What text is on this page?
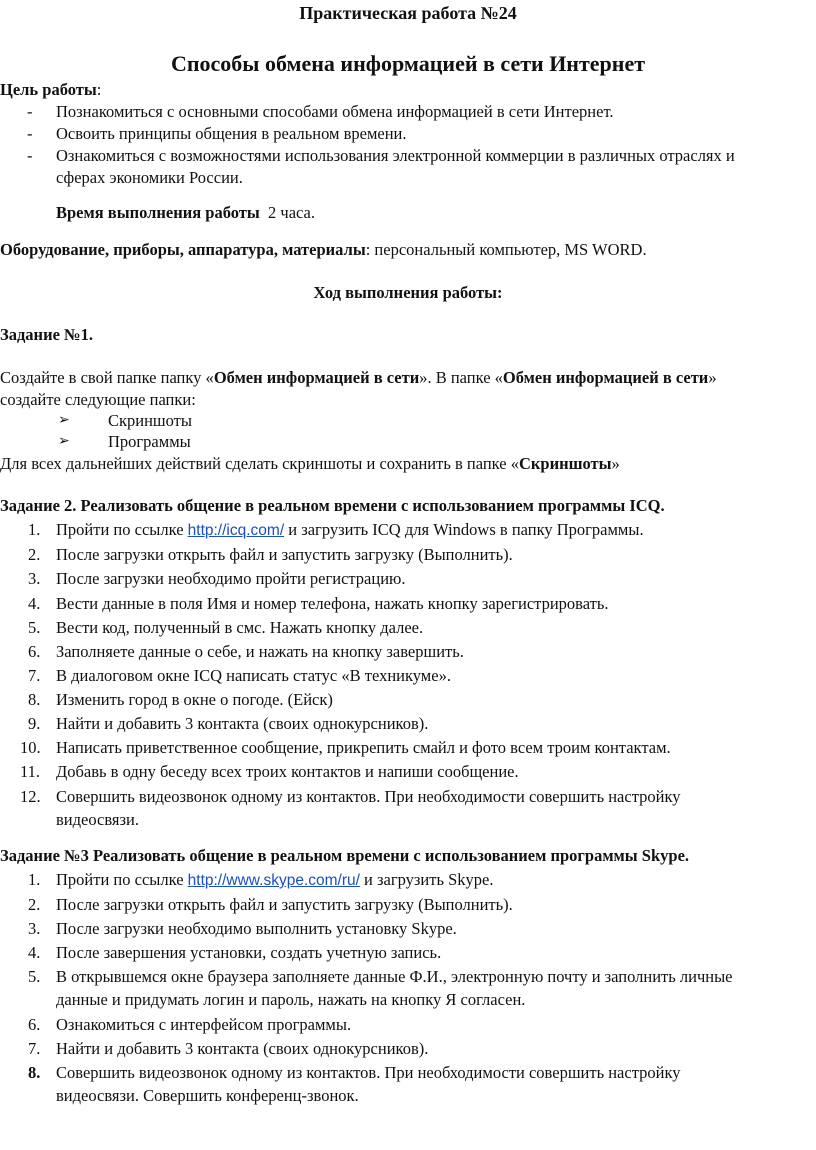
Практическая работа №24
Способы обмена информацией в сети Интернет
Цель работы:
- Познакомиться с основными способами обмена информацией в сети Интернет.
- Освоить принципы общения в реальном времени.
- Ознакомиться с возможностями использования электронной коммерции в различных отраслях и
сферах экономики России.
Время выполнения работы 2 часа.
Оборудование, приборы, аппаратура, материалы: персональный компьютер, MS WORD.
Ход выполнения работы:
Задание №1.
Создайте в свой папке папку «Обмен информацией в сети». В папке «Обмен информацией в сети»
создайте следующие папки:
➢ Скриншоты
➢ Программы
Для всех дальнейших действий сделать скриншоты и сохранить в папке «Скриншоты»
Задание 2. Реализовать общение в реальном времени с использованием программы ICQ.
1. Пройти по ссылке http://icq.com/ и загрузить ICQ для Windows в папку Программы.
2. После загрузки открыть файл и запустить загрузку (Выполнить).
3. После загрузки необходимо пройти регистрацию.
4. Вести данные в поля Имя и номер телефона, нажать кнопку зарегистрировать.
5. Вести код, полученный в смс. Нажать кнопку далее.
6. Заполняете данные о себе, и нажать на кнопку завершить.
7. В диалоговом окне ICQ написать статус «В техникуме».
8. Изменить город в окне о погоде. (Ейск)
9. Найти и добавить 3 контакта (своих однокурсников).
10. Написать приветственное сообщение, прикрепить смайл и фото всем троим контактам.
11. Добавь в одну беседу всех троих контактов и напиши сообщение.
12. Совершить видеозвонок одному из контактов. При необходимости совершить настройку
видеосвязи.
Задание №3 Реализовать общение в реальном времени с использованием программы Skype.
1. Пройти по ссылке http://www.skype.com/ru/ и загрузить Skype.
2. После загрузки открыть файл и запустить загрузку (Выполнить).
3. После загрузки необходимо выполнить установку Skype.
4. После завершения установки, создать учетную запись.
5. В открывшемся окне браузера заполняете данные Ф.И., электронную почту и заполнить личные
данные и придумать логин и пароль, нажать на кнопку Я согласен.
6. Ознакомиться с интерфейсом программы.
7. Найти и добавить 3 контакта (своих однокурсников).
8. Совершить видеозвонок одному из контактов. При необходимости совершить настройку
видеосвязи. Совершить конференц-звонок.
